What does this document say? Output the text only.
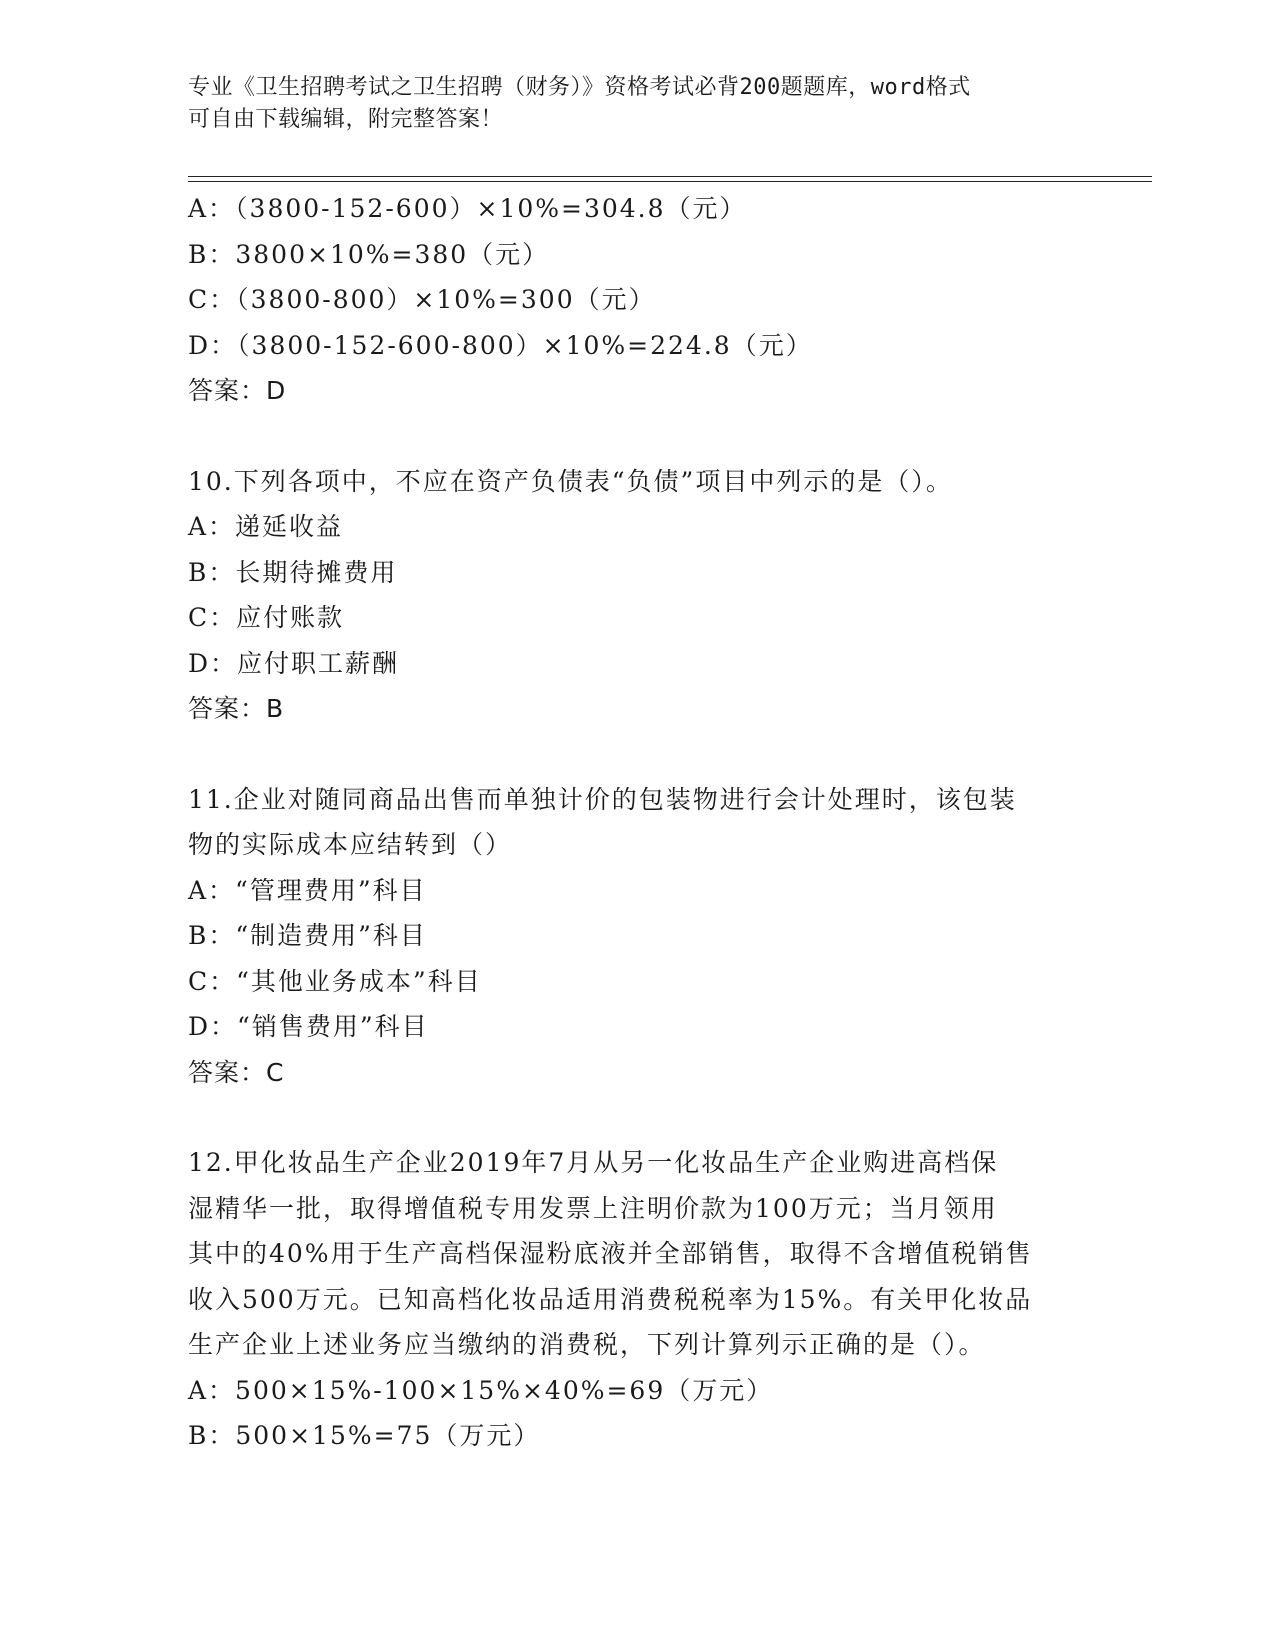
专业《卫生招聘考试之卫生招聘（财务）》资格考试必背200题题库，word格式
可自由下载编辑，附完整答案！
A：（3800-152-600）×10%=304.8（元）
B：3800×10%=380（元）
C：（3800-800）×10%=300（元）
D：（3800-152-600-800）×10%=224.8（元）
答案：D
10.下列各项中，不应在资产负债表“负债”项目中列示的是（）。
A：递延收益
B：长期待摊费用
C：应付账款
D：应付职工薪酬
答案：B
11.企业对随同商品出售而单独计价的包装物进行会计处理时，该包装
物的实际成本应结转到（）
A：“管理费用”科目
B：“制造费用”科目
C：“其他业务成本”科目
D：“销售费用”科目
答案：C
12.甲化妆品生产企业2019年7月从另一化妆品生产企业购进高档保
湿精华一批，取得增值税专用发票上注明价款为100万元；当月领用
其中的40%用于生产高档保湿粉底液并全部销售，取得不含增值税销售
收入500万元。已知高档化妆品适用消费税税率为15%。有关甲化妆品
生产企业上述业务应当缴纳的消费税，下列计算列示正确的是（）。
A：500×15%-100×15%×40%=69（万元）
B：500×15%=75（万元）
